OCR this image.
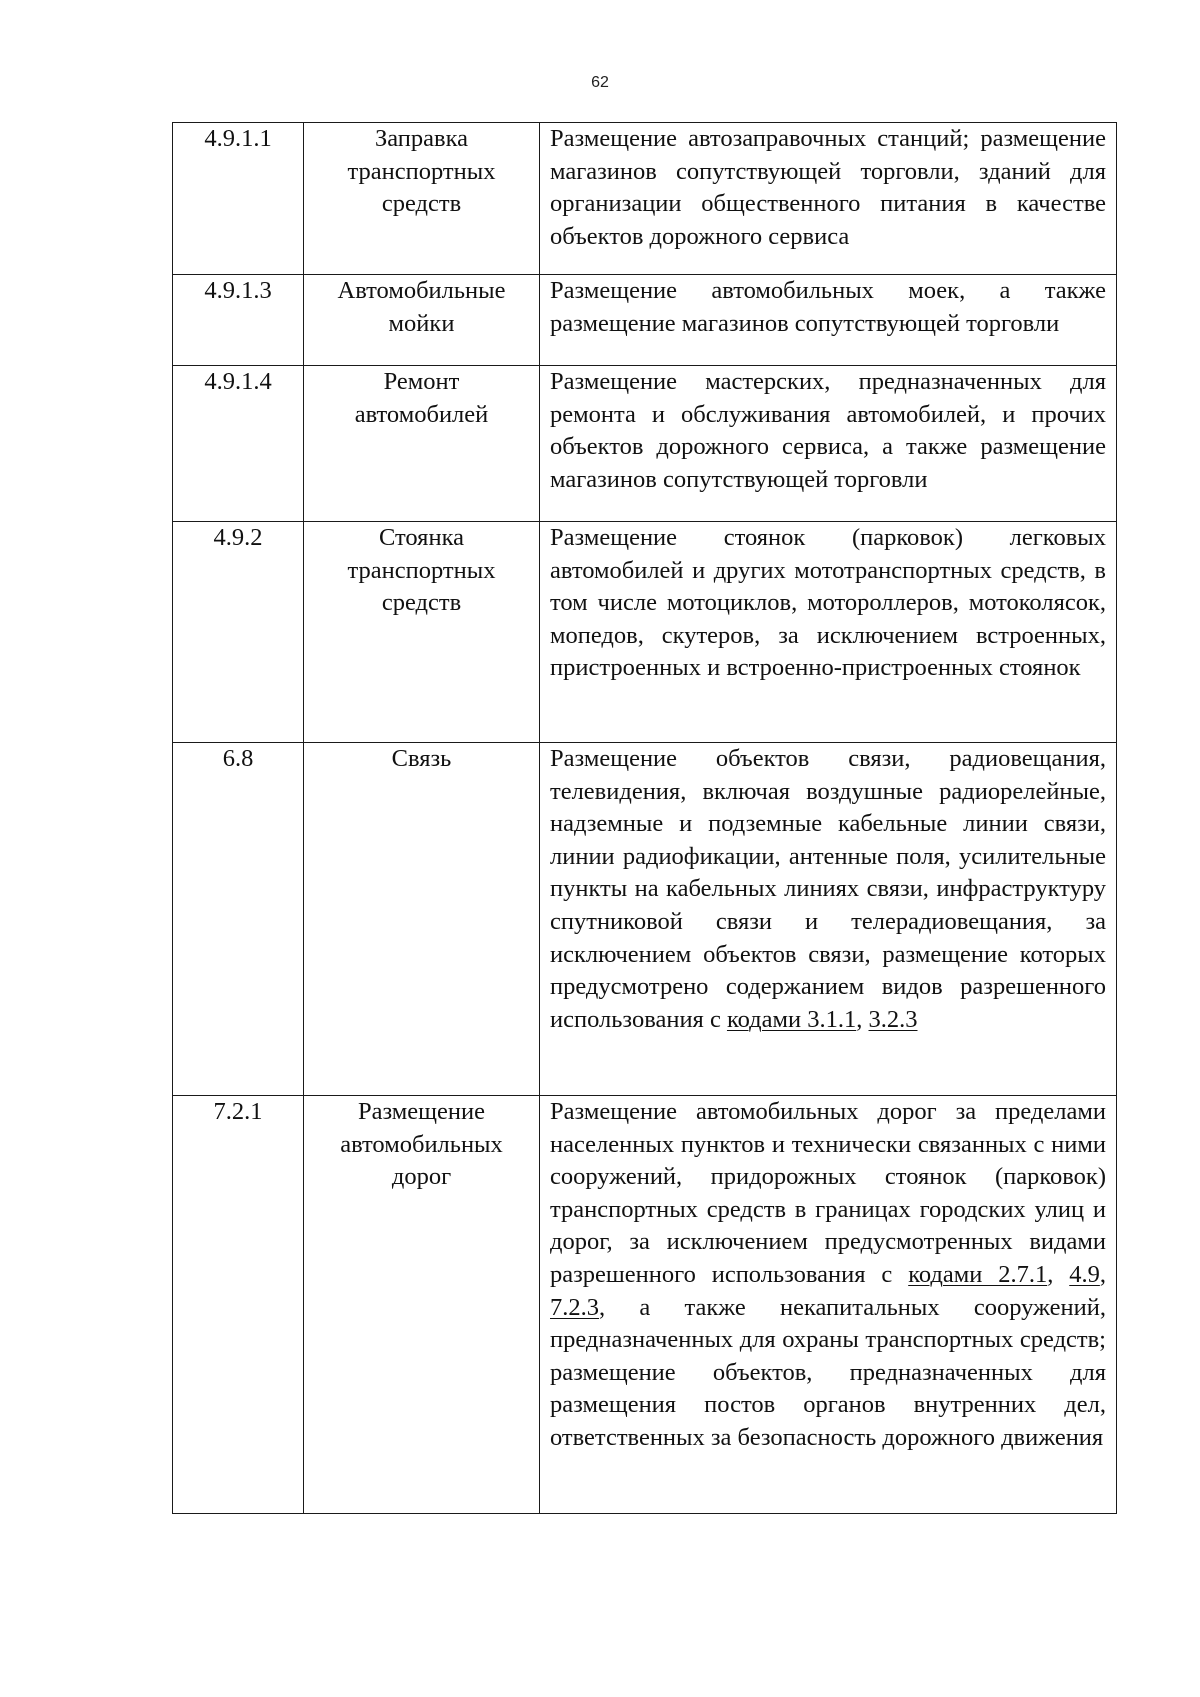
62
4.9.1.1	Заправка транспортных средств	Размещение автозаправочных станций; размещение магазинов сопутствующей торговли, зданий для организации общественного питания в качестве объектов дорожного сервиса
4.9.1.3	Автомобильные мойки	Размещение автомобильных моек, а также размещение магазинов сопутствующей торговли
4.9.1.4	Ремонт автомобилей	Размещение мастерских, предназначенных для ремонта и обслуживания автомобилей, и прочих объектов дорожного сервиса, а также размещение магазинов сопутствующей торговли
4.9.2	Стоянка транспортных средств	Размещение стоянок (парковок) легковых автомобилей и других мототранспортных средств, в том числе мотоциклов, мотороллеров, мотоколясок, мопедов, скутеров, за исключением встроенных, пристроенных и встроенно-пристроенных стоянок
6.8	Связь	Размещение объектов связи, радиовещания, телевидения, включая воздушные радиорелейные, надземные и подземные кабельные линии связи, линии радиофикации, антенные поля, усилительные пункты на кабельных линиях связи, инфраструктуру спутниковой связи и телерадиовещания, за исключением объектов связи, размещение которых предусмотрено содержанием видов разрешенного использования с кодами 3.1.1, 3.2.3
7.2.1	Размещение автомобильных дорог	Размещение автомобильных дорог за пределами населенных пунктов и технически связанных с ними сооружений, придорожных стоянок (парковок) транспортных средств в границах городских улиц и дорог, за исключением предусмотренных видами разрешенного использования с кодами 2.7.1, 4.9, 7.2.3, а также некапитальных сооружений, предназначенных для охраны транспортных средств; размещение объектов, предназначенных для размещения постов органов внутренних дел, ответственных за безопасность дорожного движения
